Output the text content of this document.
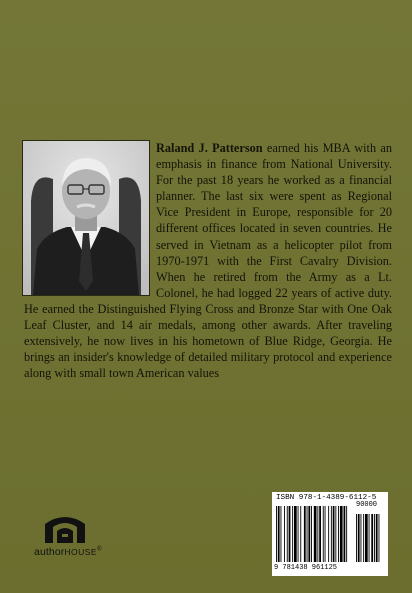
Raland J. Patterson earned his MBA with an emphasis in finance from National University. For the past 18 years he worked as a financial planner. The last six were spent as Regional Vice President in Europe, responsible for 20 different offices located in seven countries. He served in Vietnam as a helicopter pilot from 1970-1971 with the First Cavalry Division. When he retired from the Army as a Lt. Colonel, he had logged 22 years of active duty. He earned the Distinguished Flying Cross and Bronze Star with One Oak Leaf Cluster, and 14 air medals, among other awards. After traveling extensively, he now lives in his hometown of Blue Ridge, Georgia. He brings an insider's knowledge of detailed military protocol and experience along with small town American values
authorHOUSE®
ISBN 978-1-4389-6112-5
90000
9 781438 961125
